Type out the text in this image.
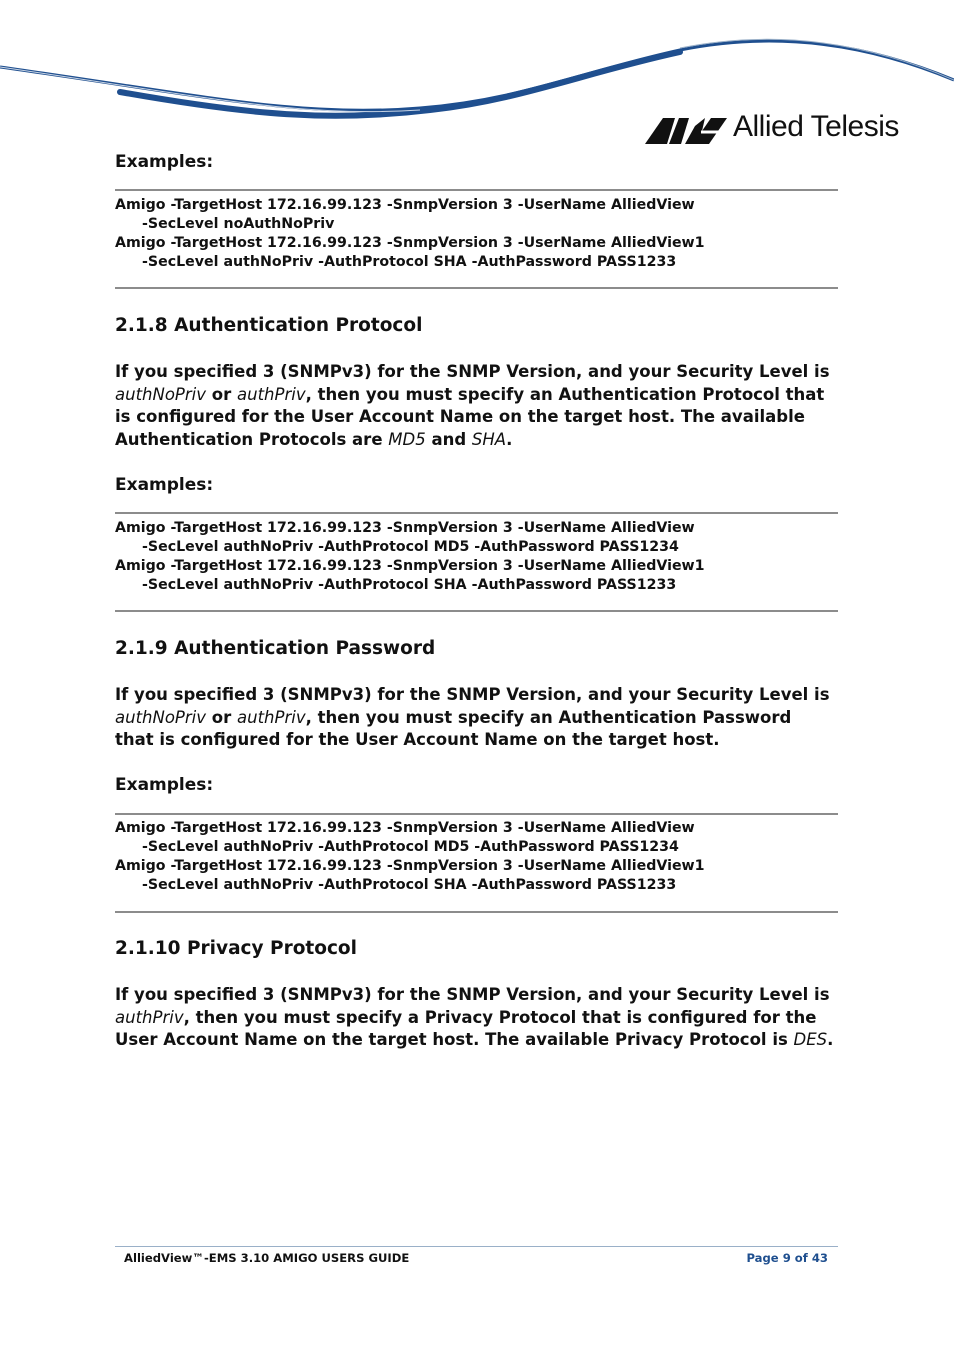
Allied Telesis
Examples:
Amigo -TargetHost 172.16.99.123 -SnmpVersion 3 -UserName AlliedView
-SecLevel noAuthNoPriv
Amigo -TargetHost 172.16.99.123 -SnmpVersion 3 -UserName AlliedView1
-SecLevel authNoPriv -AuthProtocol SHA -AuthPassword PASS1233
2.1.8 Authentication Protocol
If you specified 3 (SNMPv3) for the SNMP Version, and your Security Level is authNoPriv or authPriv, then you must specify an Authentication Protocol that is configured for the User Account Name on the target host. The available Authentication Protocols are MD5 and SHA.
Examples:
Amigo -TargetHost 172.16.99.123 -SnmpVersion 3 -UserName AlliedView
-SecLevel authNoPriv -AuthProtocol MD5 -AuthPassword PASS1234
Amigo -TargetHost 172.16.99.123 -SnmpVersion 3 -UserName AlliedView1
-SecLevel authNoPriv -AuthProtocol SHA -AuthPassword PASS1233
2.1.9 Authentication Password
If you specified 3 (SNMPv3) for the SNMP Version, and your Security Level is authNoPriv or authPriv, then you must specify an Authentication Password that is configured for the User Account Name on the target host.
Examples:
Amigo -TargetHost 172.16.99.123 -SnmpVersion 3 -UserName AlliedView
-SecLevel authNoPriv -AuthProtocol MD5 -AuthPassword PASS1234
Amigo -TargetHost 172.16.99.123 -SnmpVersion 3 -UserName AlliedView1
-SecLevel authNoPriv -AuthProtocol SHA -AuthPassword PASS1233
2.1.10 Privacy Protocol
If you specified 3 (SNMPv3) for the SNMP Version, and your Security Level is authPriv, then you must specify a Privacy Protocol that is configured for the User Account Name on the target host. The available Privacy Protocol is DES.
AlliedView™-EMS 3.10 AMIGO USERS GUIDE	Page 9 of 43
